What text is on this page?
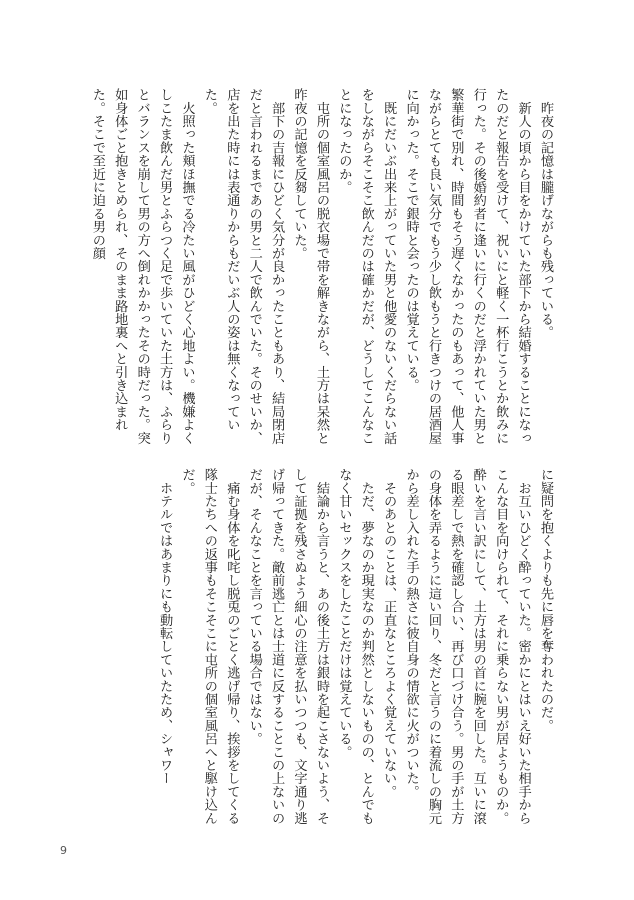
　昨夜の記憶は朧げながらも残っている。
　新人の頃から目をかけていた部下から結婚することになったのだと報告を受けて、祝いにと軽く一杯行こうとか飲みに行った。その後婚約者に逢いに行くのだと浮かれていた男と繁華街で別れ、時間もそう遅くなかったのもあって、他人事ながらとても良い気分でもう少し飲もうと行きつけの居酒屋に向かった。そこで銀時と会ったのは覚えている。
　既にだいぶ出来上がっていた男と他愛のないくだらない話をしながらそこそこ飲んだのは確かだが、どうしてこんなことになったのか。
　屯所の個室風呂の脱衣場で帯を解きながら、土方は呆然と昨夜の記憶を反芻していた。
　部下の吉報にひどく気分が良かったこともあり、結局閉店だと言われるまであの男と二人で飲んでいた。そのせいか、店を出た時には表通りからもだいぶ人の姿は無くなっていた。
　火照った頬ほ撫でる冷たい風がひどく心地よい。機嫌よくしこたま飲んだ男とふらつく足で歩いていた土方は、ふらりとバランスを崩して男の方へ倒れかかったその時だった。突如身体ごと抱きとめられ、そのまま路地裏へと引き込まれた。そこで至近に迫る男の顔
に疑問を抱くよりも先に唇を奪われたのだ。
　お互いひどく酔っていた。密かにとはいえ好いた相手からこんな目を向けられて、それに乗らない男が居ようものか。酔いを言い訳にして、土方は男の首に腕を回した。互いに滾る眼差しで熱を確認し合い、再び口づけ合う。男の手が土方の身体を弄るように這い回り、冬だと言うのに着流しの胸元から差し入れた手の熱さに彼自身の情欲に火がついた。
　そのあとのことは、正直なところよく覚えていない。
　ただ、夢なのか現実なのか判然としないものの、とんでもなく甘いセックスをしたことだけは覚えている。
　結論から言うと、あの後土方は銀時を起こさないよう、そして証拠を残さぬよう細心の注意を払いつつも、文字通り逃げ帰ってきた。敵前逃亡とは士道に反することこの上ないのだが、そんなことを言っている場合ではない。
　痛む身体を叱咤し脱兎のごとく逃げ帰り、挨拶をしてくる隊士たちへの返事もそこそこに屯所の個室風呂へと駆け込んだ。
　ホテルではあまりにも動転していたため、シャワー
9
